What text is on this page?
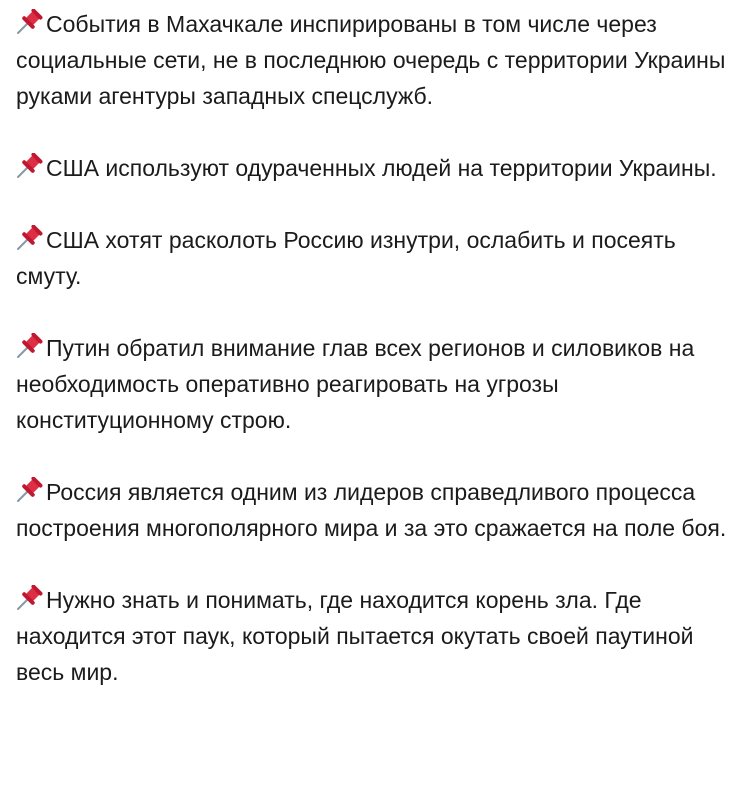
События в Махачкале инспирированы в том числе через социальные сети, не в последнюю очередь с территории Украины руками агентуры западных спецслужб.

США используют одураченных людей на территории Украины.

США хотят расколоть Россию изнутри, ослабить и посеять смуту.

Путин обратил внимание глав всех регионов и силовиков на необходимость оперативно реагировать на угрозы конституционному строю.

Россия является одним из лидеров справедливого процесса построения многополярного мира и за это сражается на поле боя.

Нужно знать и понимать, где находится корень зла. Где находится этот паук, который пытается окутать своей паутиной весь мир.
